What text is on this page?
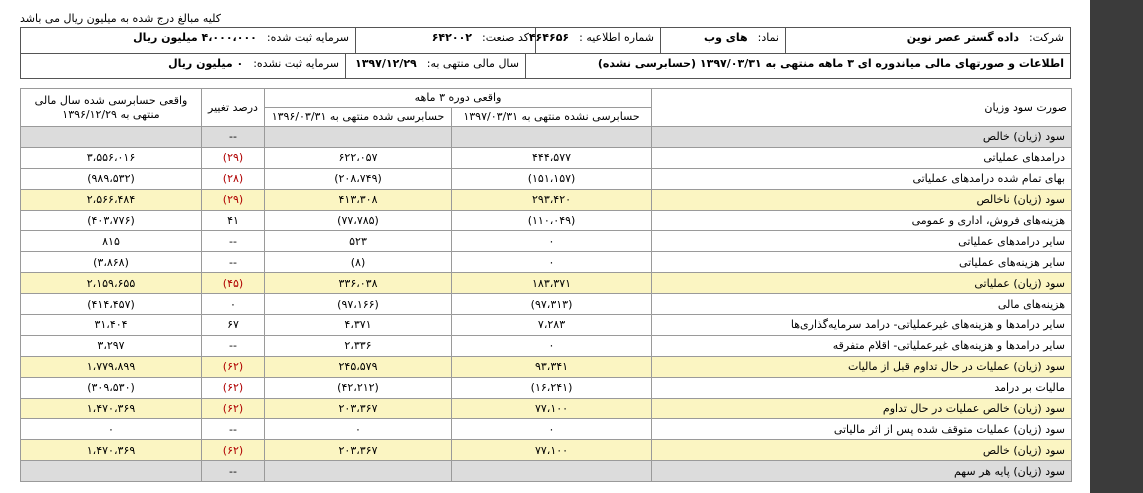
کلیه مبالغ درج شده به میلیون ریال می باشد
شرکت:
داده گستر عصر نوین
نماد:
های وب
شماره اطلاعیه :
۴۶۴۶۵۶
کد صنعت:
۶۴۲۰۰۲
سرمایه ثبت شده:
۴،۰۰۰،۰۰۰ میلیون ریال
اطلاعات و صورتهای مالی میاندوره ای ۳ ماهه منتهی به ۱۳۹۷/۰۳/۳۱ (حسابرسی نشده)
سال مالی منتهی به:
۱۳۹۷/۱۲/۲۹
سرمایه ثبت نشده:
۰ میلیون ریال
صورت سود وزیان	واقعی دوره ۳ ماهه		درصد تغییر	واقعی حسابرسی شده سال مالی منتهی به ۱۳۹۶/۱۲/۲۹
	حسابرسی نشده منتهی به ۱۳۹۷/۰۳/۳۱	حسابرسی شده منتهی به ۱۳۹۶/۰۳/۳۱		
سود (زیان) خالص			--	
درامدهای عملیاتی	۴۴۴،۵۷۷	۶۲۲،۰۵۷	(۲۹)	۳،۵۵۶،۰۱۶
بهای تمام شده درامدهای عملیاتی	(۱۵۱،۱۵۷)	(۲۰۸،۷۴۹)	(۲۸)	(۹۸۹،۵۳۲)
سود (زیان) ناخالص	۲۹۳،۴۲۰	۴۱۳،۳۰۸	(۲۹)	۲،۵۶۶،۴۸۴
هزینه‌های فروش، اداری و عمومی	(۱۱۰،۰۴۹)	(۷۷،۷۸۵)	۴۱	(۴۰۳،۷۷۶)
سایر درامدهای عملیاتی	۰	۵۲۳	--	۸۱۵
سایر هزینه‌های عملیاتی	۰	(۸)	--	(۳،۸۶۸)
سود (زیان) عملیاتی	۱۸۳،۳۷۱	۳۳۶،۰۳۸	(۴۵)	۲،۱۵۹،۶۵۵
هزینه‌های مالی	(۹۷،۳۱۳)	(۹۷،۱۶۶)	۰	(۴۱۴،۴۵۷)
سایر درامدها و هزینه‌های غیرعملیاتی- درامد سرمایه‌گذاری‌ها	۷،۲۸۳	۴،۳۷۱	۶۷	۳۱،۴۰۴
سایر درامدها و هزینه‌های غیرعملیاتی- اقلام متفرقه	۰	۲،۳۳۶	--	۳،۲۹۷
سود (زیان) عملیات در حال تداوم قبل از مالیات	۹۳،۳۴۱	۲۴۵،۵۷۹	(۶۲)	۱،۷۷۹،۸۹۹
مالیات بر درامد	(۱۶،۲۴۱)	(۴۲،۲۱۲)	(۶۲)	(۳۰۹،۵۳۰)
سود (زیان) خالص عملیات در حال تداوم	۷۷،۱۰۰	۲۰۳،۳۶۷	(۶۲)	۱،۴۷۰،۳۶۹
سود (زیان) عملیات متوقف شده پس از اثر مالیاتی	۰	۰	--	۰
سود (زیان) خالص	۷۷،۱۰۰	۲۰۳،۳۶۷	(۶۲)	۱،۴۷۰،۳۶۹
سود (زیان) پایه هر سهم			--	
